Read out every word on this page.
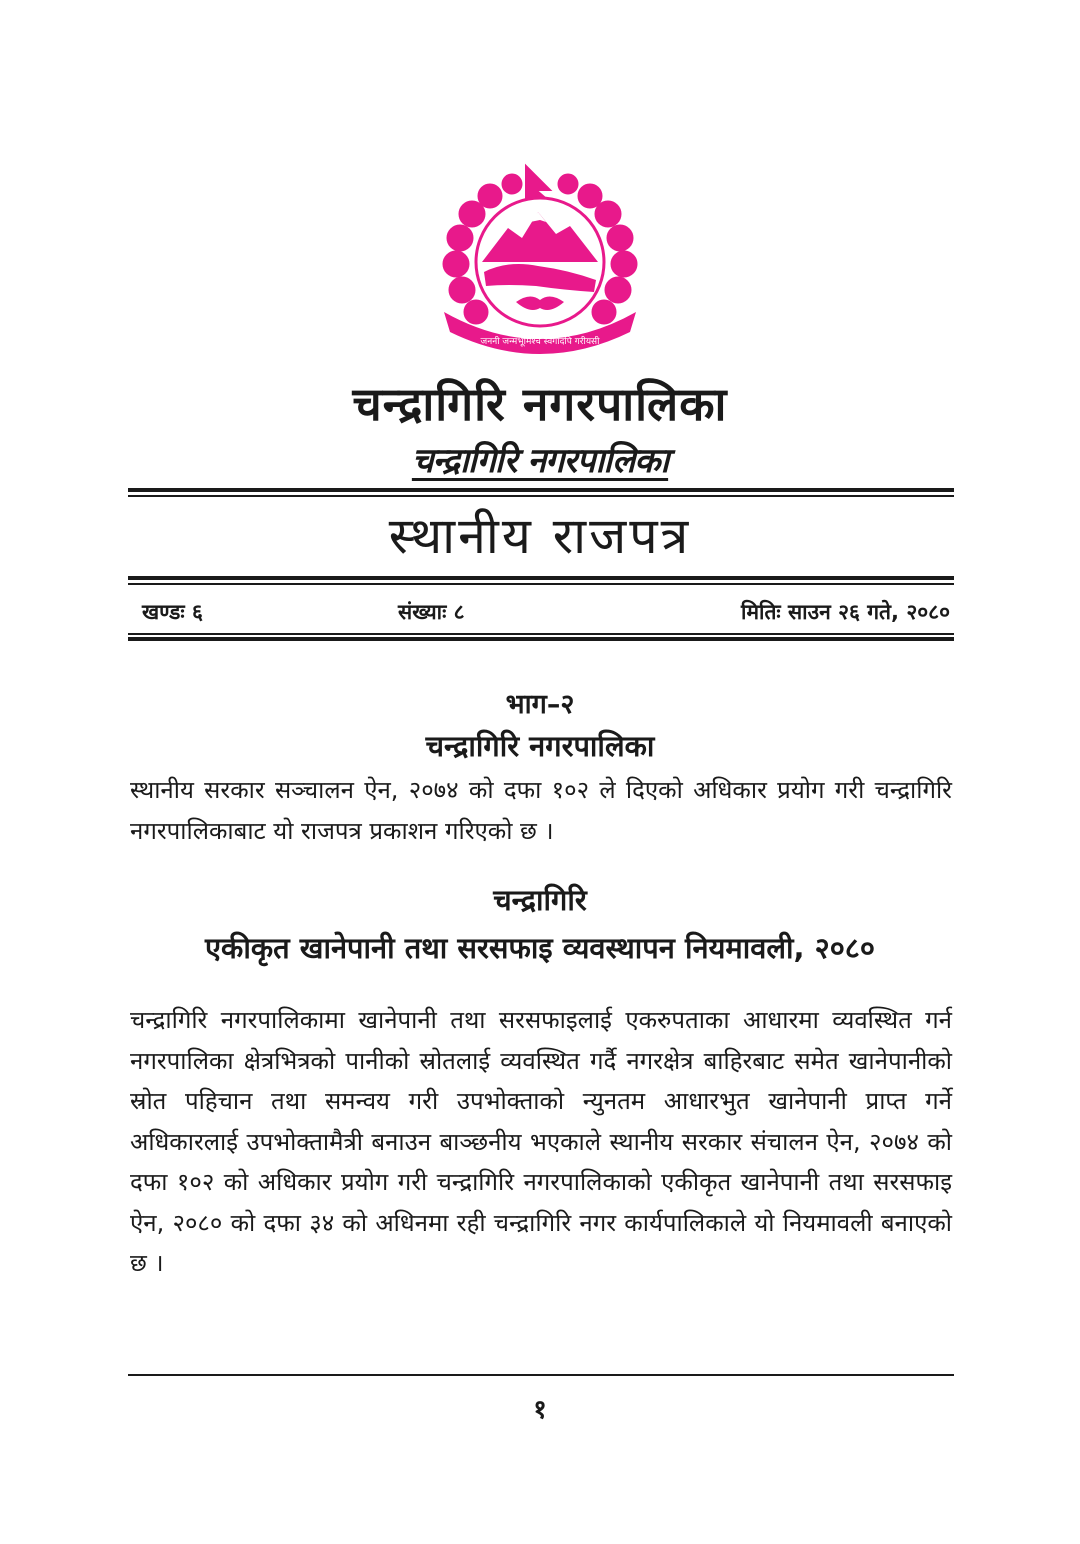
जननी जन्मभूमिश्च स्वर्गादपि गरीयसी
चन्द्रागिरि नगरपालिका
चन्द्रागिरि नगरपालिका
स्थानीय राजपत्र
खण्डः ६	संख्याः ८	मितिः साउन २६ गते, २०८०
भाग–२
चन्द्रागिरि नगरपालिका
स्थानीय सरकार सञ्चालन ऐन, २०७४ को दफा १०२ ले दिएको अधिकार प्रयोग गरी चन्द्रागिरि नगरपालिकाबाट यो राजपत्र प्रकाशन गरिएको छ ।
चन्द्रागिरि
एकीकृत खानेपानी तथा सरसफाइ व्यवस्थापन नियमावली, २०८०
चन्द्रागिरि नगरपालिकामा खानेपानी तथा सरसफाइलाई एकरुपताका आधारमा व्यवस्थित गर्न नगरपालिका क्षेत्रभित्रको पानीको स्रोतलाई व्यवस्थित गर्दै नगरक्षेत्र बाहिरबाट समेत खानेपानीको स्रोत पहिचान तथा समन्वय गरी उपभोक्ताको न्युनतम आधारभुत खानेपानी प्राप्त गर्ने अधिकारलाई उपभोक्तामैत्री बनाउन बाञ्छनीय भएकाले स्थानीय सरकार संचालन ऐन, २०७४ को दफा १०२ को अधिकार प्रयोग गरी चन्द्रागिरि नगरपालिकाको एकीकृत खानेपानी तथा सरसफाइ ऐन, २०८० को दफा ३४ को अधिनमा रही चन्द्रागिरि नगर कार्यपालिकाले यो नियमावली बनाएको छ ।
१
